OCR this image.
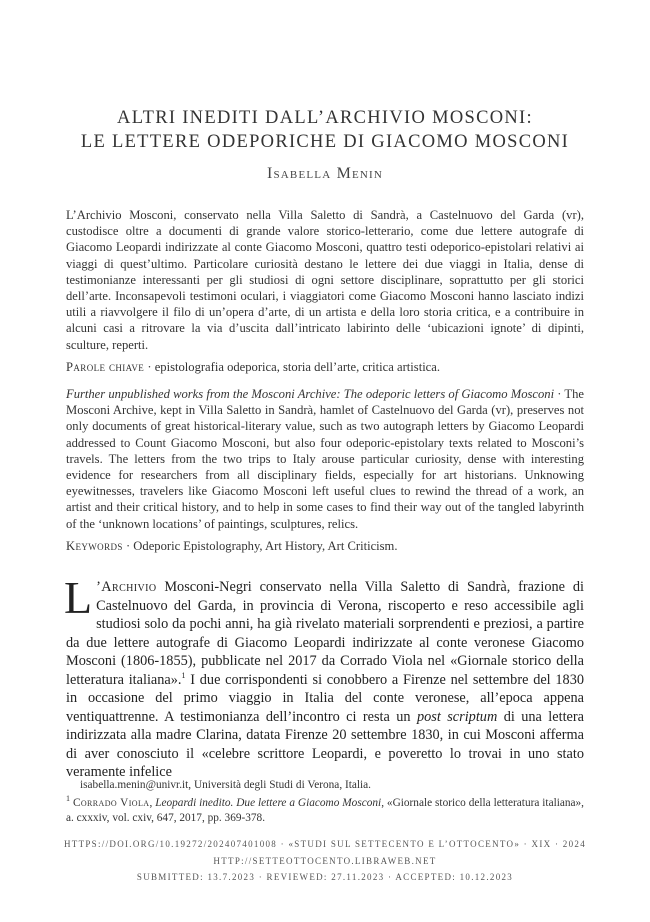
ALTRI INEDITI DALL’ARCHIVIO MOSCONI:
LE LETTERE ODEPORICHE DI GIACOMO MOSCONI
Isabella Menin

L’Archivio Mosconi, conservato nella Villa Saletto di Sandrà, a Castelnuovo del Garda (vr), custodisce oltre a documenti di grande valore storico-letterario, come due lettere autografe di Giacomo Leopardi indirizzate al conte Giacomo Mosconi, quattro testi odeporico-epistolari relativi ai viaggi di quest’ultimo. Particolare curiosità destano le lettere dei due viaggi in Italia, dense di testimonianze interessanti per gli studiosi di ogni settore disciplinare, soprattutto per gli storici dell’arte. Inconsapevoli testimoni oculari, i viaggiatori come Giacomo Mosconi hanno lasciato indizi utili a riavvolgere il filo di un’opera d’arte, di un artista e della loro storia critica, e a contribuire in alcuni casi a ritrovare la via d’uscita dall’intricato labirinto delle ‘ubicazioni ignote’ di dipinti, sculture, reperti.

Parole chiave · epistolografia odeporica, storia dell’arte, critica artistica.

Further unpublished works from the Mosconi Archive: The odeporic letters of Giacomo Mosconi · The Mosconi Archive, kept in Villa Saletto in Sandrà, hamlet of Castelnuovo del Garda (vr), preserves not only documents of great historical-literary value, such as two autograph letters by Giacomo Leopardi addressed to Count Giacomo Mosconi, but also four odeporic-epistolary texts related to Mosconi’s travels. The letters from the two trips to Italy arouse particular curiosity, dense with interesting evidence for researchers from all disciplinary fields, especially for art historians. Unknowing eyewitnesses, travelers like Giacomo Mosconi left useful clues to rewind the thread of a work, an artist and their critical history, and to help in some cases to find their way out of the tangled labyrinth of the ‘unknown locations’ of paintings, sculptures, relics.

Keywords · Odeporic Epistolography, Art History, Art Criticism.

L ’Archivio Mosconi-Negri conservato nella Villa Saletto di Sandrà, frazione di Castelnuovo del Garda, in provincia di Verona, riscoperto e reso accessibile agli studiosi solo da pochi anni, ha già rivelato materiali sorprendenti e preziosi, a partire da due lettere autografe di Giacomo Leopardi indirizzate al conte veronese Giacomo Mosconi (1806-1855), pubblicate nel 2017 da Corrado Viola nel «Giornale storico della letteratura italiana».$^1$ I due corrispondenti si conobbero a Firenze nel settembre del 1830 in occasione del primo viaggio in Italia del conte veronese, all’epoca appena ventiquattrenne. A testimonianza dell’incontro ci resta un post scriptum di una lettera indirizzata alla madre Clarina, datata Firenze 20 settembre 1830, in cui Mosconi afferma di aver conosciuto il «celebre scrittore Leopardi, e poveretto lo trovai in uno stato veramente infelice

isabella.menin@univr.it, Università degli Studi di Verona, Italia.

$^1$ Corrado Viola, Leopardi inedito. Due lettere a Giacomo Mosconi, «Giornale storico della letteratura italiana», a. cxxxiv, vol. cxiv, 647, 2017, pp. 369-378.

HTTPS://DOI.ORG/10.19272/202407401008 · «STUDI SUL SETTECENTO E L’OTTOCENTO» · XIX · 2024

HTTP://SETTEOTTOCENTO.LIBRAWEB.NET

SUBMITTED: 13.7.2023 · REVIEWED: 27.11.2023 · ACCEPTED: 10.12.2023
